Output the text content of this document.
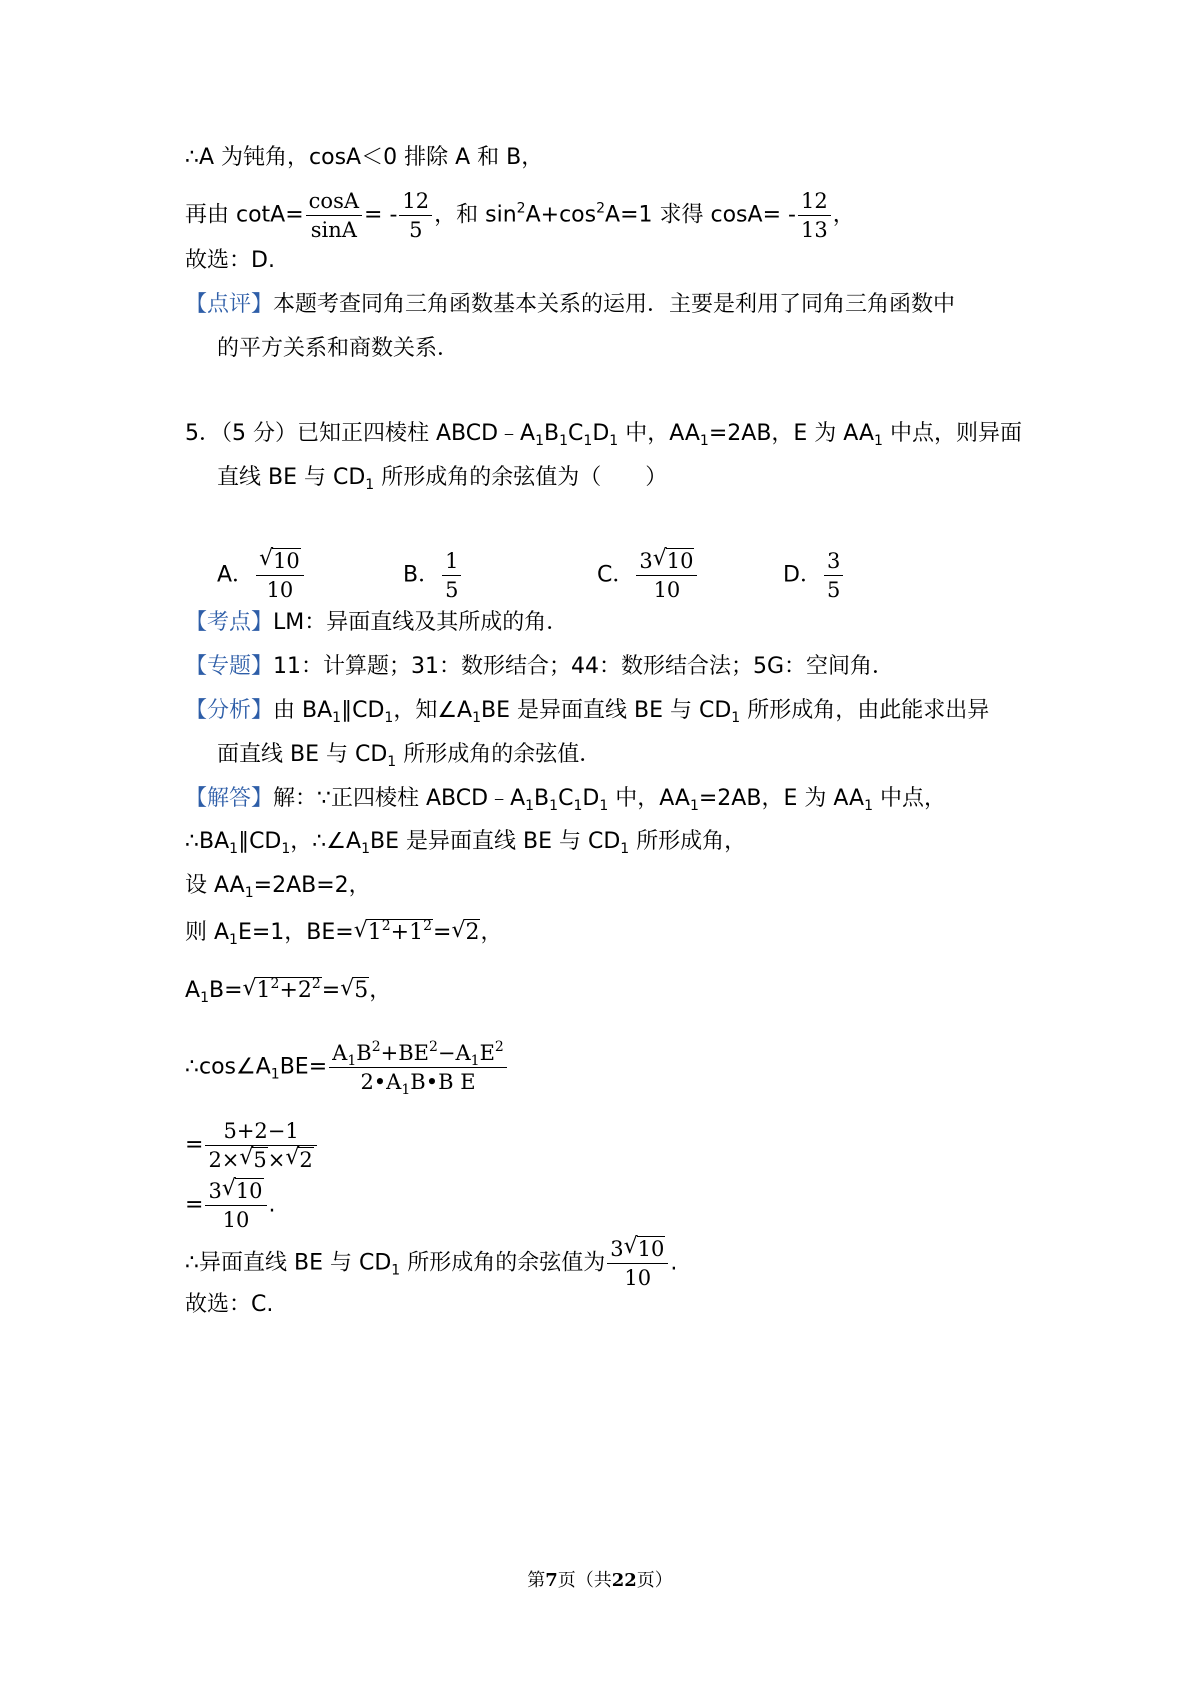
∴A 为钝角，cosA＜0 排除 A 和 B，
再由 $\cot A= \frac{\cos A}{\sin A}$ = - $\frac{12}{5}$ ，和 $\sin^2A+\cos^2A=1$ 求得 $\cos A= - \frac{12}{13}$ ，
故选：D.
【点评】本题考查同角三角函数基本关系的运用．主要是利用了同角三角函数中
的平方关系和商数关系．
5．（5 分）已知正四棱柱 $ABCD﹣A_1B_1C_1D_1$ 中，$AA_1=2AB$，E 为 $AA_1$ 中点，则异面
直线 BE 与 $CD_1$ 所形成角的余弦值为（　　）
A．
√ $\frac{10}{10}$	B． $\frac{1}{5}$	C． $\frac{3√ 10}{10}$	D． $\frac{3}{5}$
【考点】LM：异面直线及其所成的角．
【专题】11：计算题；31：数形结合；44：数形结合法；5G：空间角．
【分析】由 $BA_1\parallel CD_1$，知$\angle A_1BE$ 是异面直线 BE 与 $CD_1$ 所形成角，由此能求出异
面直线 BE 与 $CD_1$ 所形成角的余弦值．
【解答】解：∵正四棱柱 $ABCD﹣A_1B_1C_1D_1$ 中，$AA_1=2AB$，E 为 $AA_1$ 中点，
$\therefore BA_1\parallel CD_1$，$\therefore\angle A_1BE$ 是异面直线 BE 与 $CD_1$ 所形成角，
设 $AA_1=2AB=2$，
则 $A_1E=1$，BE=√ $1^2+1^2=√$ 2，
$A_1B=√$ $1^2+2^2=√$ 5，
$\therefore\cos\angle A_1BE= \frac{A_1B^2+BE^2-A_1E^2}{2•A_1B•B E}$
= $\frac{5+2-1}{2\times√ 5\times√ 2}$
= $\frac{3√ 10}{10}$ .
∴异面直线 BE 与 $CD_1$ 所形成角的余弦值为 $\frac{3√ 10}{10}$ .
故选：C.
第7页（共22页）
